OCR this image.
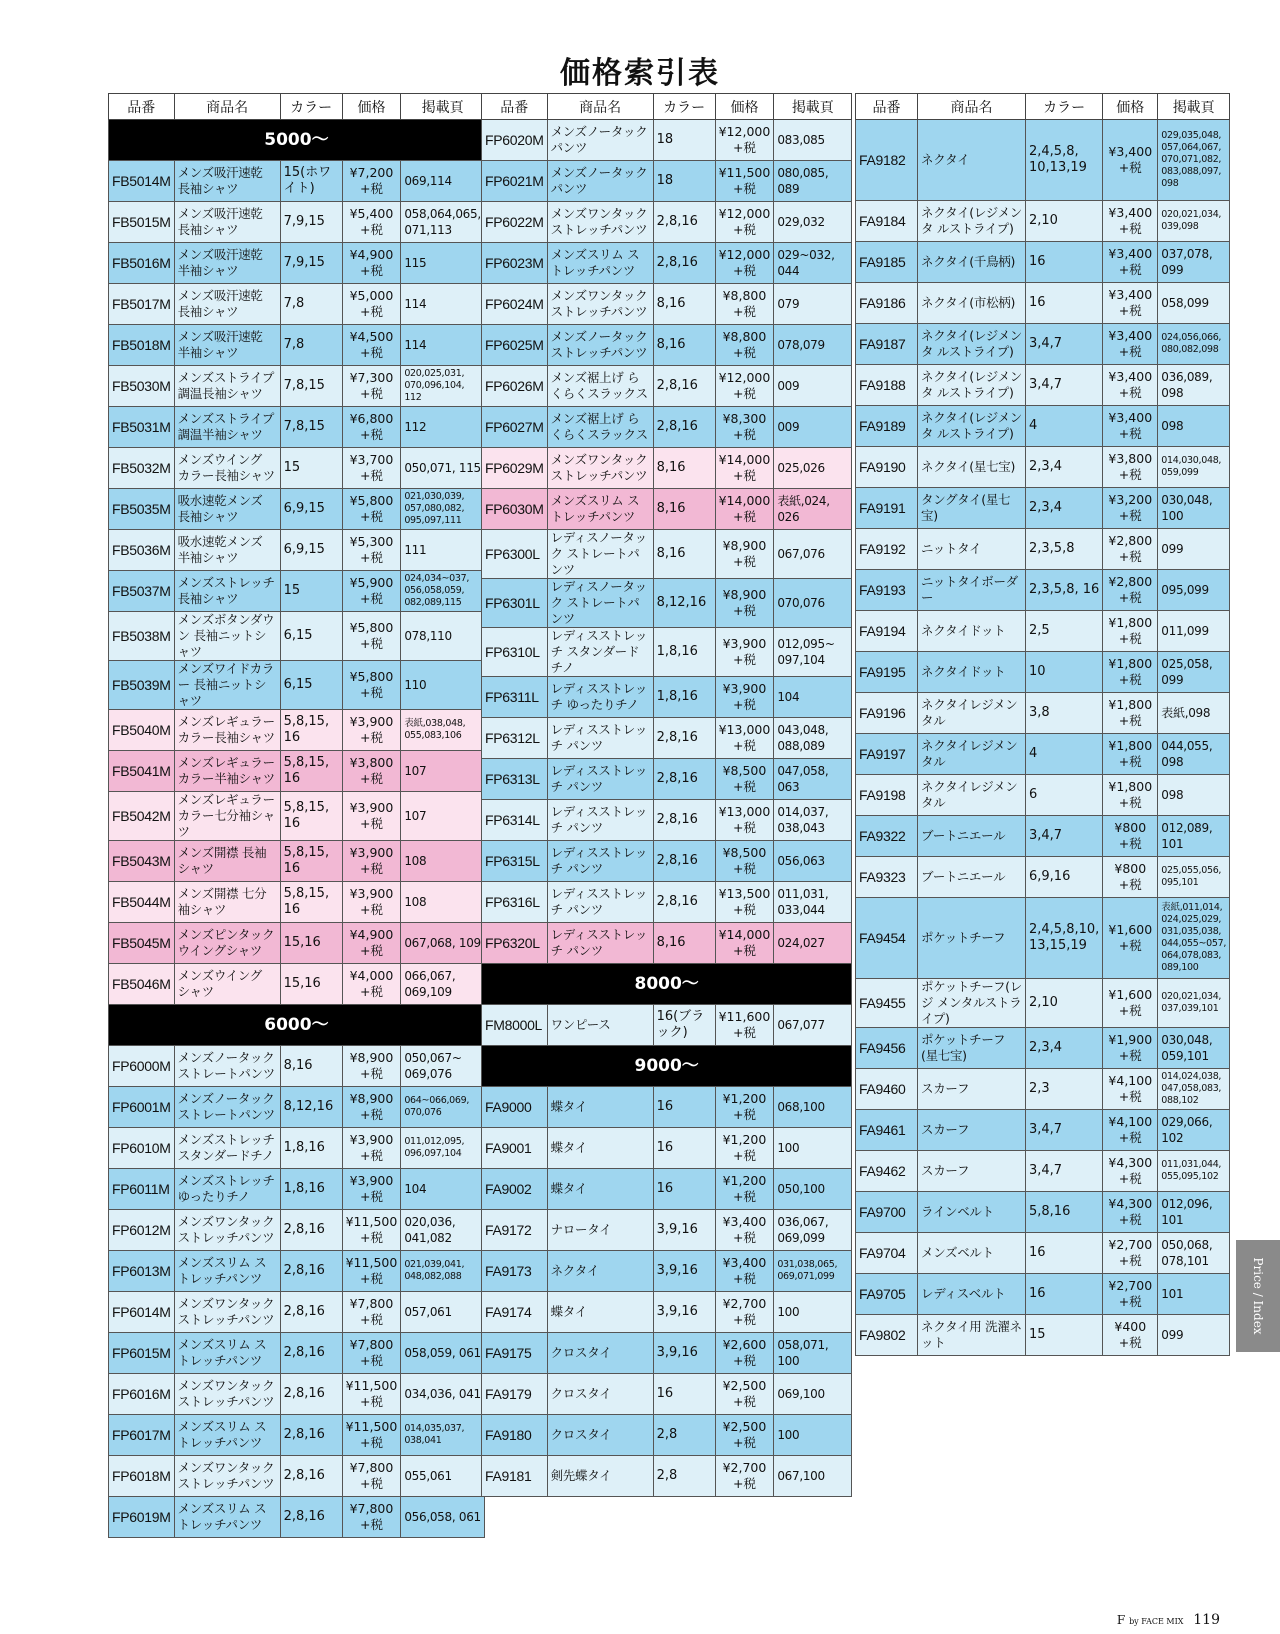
価格索引表
品番	商品名	カラー	価格	掲載頁
5000〜				
FB5014M	メンズ吸汗速乾 長袖シャツ	15(ホワイト)	¥7,200 +税	069,114
FB5015M	メンズ吸汗速乾 長袖シャツ	7,9,15	¥5,400 +税	058,064,065, 071,113
FB5016M	メンズ吸汗速乾 半袖シャツ	7,9,15	¥4,900 +税	115
FB5017M	メンズ吸汗速乾 長袖シャツ	7,8	¥5,000 +税	114
FB5018M	メンズ吸汗速乾 半袖シャツ	7,8	¥4,500 +税	114
FB5030M	メンズストライプ 調温長袖シャツ	7,8,15	¥7,300 +税	020,025,031, 070,096,104, 112
FB5031M	メンズストライプ 調温半袖シャツ	7,8,15	¥6,800 +税	112
FB5032M	メンズウイング カラー長袖シャツ	15	¥3,700 +税	050,071, 115
FB5035M	吸水速乾メンズ 長袖シャツ	6,9,15	¥5,800 +税	021,030,039, 057,080,082, 095,097,111
FB5036M	吸水速乾メンズ 半袖シャツ	6,9,15	¥5,300 +税	111
FB5037M	メンズストレッチ 長袖シャツ	15	¥5,900 +税	024,034~037, 056,058,059, 082,089,115
FB5038M	メンズボタンダウン 長袖ニットシャツ	6,15	¥5,800 +税	078,110
FB5039M	メンズワイドカラー 長袖ニットシャツ	6,15	¥5,800 +税	110
FB5040M	メンズレギュラー カラー長袖シャツ	5,8,15, 16	¥3,900 +税	表紙,038,048, 055,083,106
FB5041M	メンズレギュラー カラー半袖シャツ	5,8,15, 16	¥3,800 +税	107
FB5042M	メンズレギュラー カラー七分袖シャツ	5,8,15, 16	¥3,900 +税	107
FB5043M	メンズ開襟 長袖シャツ	5,8,15, 16	¥3,900 +税	108
FB5044M	メンズ開襟 七分袖シャツ	5,8,15, 16	¥3,900 +税	108
FB5045M	メンズピンタック ウイングシャツ	15,16	¥4,900 +税	067,068, 109
FB5046M	メンズウイング シャツ	15,16	¥4,000 +税	066,067, 069,109
6000〜				
FP6000M	メンズノータック ストレートパンツ	8,16	¥8,900 +税	050,067~ 069,076
FP6001M	メンズノータック ストレートパンツ	8,12,16	¥8,900 +税	064~066,069, 070,076
FP6010M	メンズストレッチ スタンダードチノ	1,8,16	¥3,900 +税	011,012,095, 096,097,104
FP6011M	メンズストレッチ ゆったりチノ	1,8,16	¥3,900 +税	104
FP6012M	メンズワンタック ストレッチパンツ	2,8,16	¥11,500 +税	020,036, 041,082
FP6013M	メンズスリム ストレッチパンツ	2,8,16	¥11,500 +税	021,039,041, 048,082,088
FP6014M	メンズワンタック ストレッチパンツ	2,8,16	¥7,800 +税	057,061
FP6015M	メンズスリム ストレッチパンツ	2,8,16	¥7,800 +税	058,059, 061
FP6016M	メンズワンタック ストレッチパンツ	2,8,16	¥11,500 +税	034,036, 041
FP6017M	メンズスリム ストレッチパンツ	2,8,16	¥11,500 +税	014,035,037, 038,041
FP6018M	メンズワンタック ストレッチパンツ	2,8,16	¥7,800 +税	055,061
FP6019M	メンズスリム ストレッチパンツ	2,8,16	¥7,800 +税	056,058, 061
品番	商品名	カラー	価格	掲載頁
FP6020M	メンズノータック パンツ	18	¥12,000 +税	083,085
FP6021M	メンズノータック パンツ	18	¥11,500 +税	080,085, 089
FP6022M	メンズワンタック ストレッチパンツ	2,8,16	¥12,000 +税	029,032
FP6023M	メンズスリム ストレッチパンツ	2,8,16	¥12,000 +税	029~032, 044
FP6024M	メンズワンタック ストレッチパンツ	8,16	¥8,800 +税	079
FP6025M	メンズノータック ストレッチパンツ	8,16	¥8,800 +税	078,079
FP6026M	メンズ裾上げ らくらくスラックス	2,8,16	¥12,000 +税	009
FP6027M	メンズ裾上げ らくらくスラックス	2,8,16	¥8,300 +税	009
FP6029M	メンズワンタック ストレッチパンツ	8,16	¥14,000 +税	025,026
FP6030M	メンズスリム ストレッチパンツ	8,16	¥14,000 +税	表紙,024, 026
FP6300L	レディスノータック ストレートパンツ	8,16	¥8,900 +税	067,076
FP6301L	レディスノータック ストレートパンツ	8,12,16	¥8,900 +税	070,076
FP6310L	レディスストレッチ スタンダードチノ	1,8,16	¥3,900 +税	012,095~ 097,104
FP6311L	レディスストレッチ ゆったりチノ	1,8,16	¥3,900 +税	104
FP6312L	レディスストレッチ パンツ	2,8,16	¥13,000 +税	043,048, 088,089
FP6313L	レディスストレッチ パンツ	2,8,16	¥8,500 +税	047,058, 063
FP6314L	レディスストレッチ パンツ	2,8,16	¥13,000 +税	014,037, 038,043
FP6315L	レディスストレッチ パンツ	2,8,16	¥8,500 +税	056,063
FP6316L	レディスストレッチ パンツ	2,8,16	¥13,500 +税	011,031, 033,044
FP6320L	レディスストレッチ パンツ	8,16	¥14,000 +税	024,027
8000〜				
FM8000L	ワンピース	16(ブラック)	¥11,600 +税	067,077
9000〜				
FA9000	蝶タイ	16	¥1,200 +税	068,100
FA9001	蝶タイ	16	¥1,200 +税	100
FA9002	蝶タイ	16	¥1,200 +税	050,100
FA9172	ナロータイ	3,9,16	¥3,400 +税	036,067, 069,099
FA9173	ネクタイ	3,9,16	¥3,400 +税	031,038,065, 069,071,099
FA9174	蝶タイ	3,9,16	¥2,700 +税	100
FA9175	クロスタイ	3,9,16	¥2,600 +税	058,071, 100
FA9179	クロスタイ	16	¥2,500 +税	069,100
FA9180	クロスタイ	2,8	¥2,500 +税	100
FA9181	剣先蝶タイ	2,8	¥2,700 +税	067,100
品番	商品名	カラー	価格	掲載頁
FA9182	ネクタイ	2,4,5,8, 10,13,19	¥3,400 +税	029,035,048, 057,064,067, 070,071,082, 083,088,097, 098
FA9184	ネクタイ(レジメンタ ルストライプ)	2,10	¥3,400 +税	020,021,034, 039,098
FA9185	ネクタイ(千鳥柄)	16	¥3,400 +税	037,078, 099
FA9186	ネクタイ(市松柄)	16	¥3,400 +税	058,099
FA9187	ネクタイ(レジメンタ ルストライプ)	3,4,7	¥3,400 +税	024,056,066, 080,082,098
FA9188	ネクタイ(レジメンタ ルストライプ)	3,4,7	¥3,400 +税	036,089, 098
FA9189	ネクタイ(レジメンタ ルストライプ)	4	¥3,400 +税	098
FA9190	ネクタイ(星七宝)	2,3,4	¥3,800 +税	014,030,048, 059,099
FA9191	タングタイ(星七宝)	2,3,4	¥3,200 +税	030,048, 100
FA9192	ニットタイ	2,3,5,8	¥2,800 +税	099
FA9193	ニットタイボーダー	2,3,5,8, 16	¥2,800 +税	095,099
FA9194	ネクタイドット	2,5	¥1,800 +税	011,099
FA9195	ネクタイドット	10	¥1,800 +税	025,058, 099
FA9196	ネクタイレジメンタル	3,8	¥1,800 +税	表紙,098
FA9197	ネクタイレジメンタル	4	¥1,800 +税	044,055, 098
FA9198	ネクタイレジメンタル	6	¥1,800 +税	098
FA9322	ブートニエール	3,4,7	¥800 +税	012,089, 101
FA9323	ブートニエール	6,9,16	¥800 +税	025,055,056, 095,101
FA9454	ポケットチーフ	2,4,5,8,10, 13,15,19	¥1,600 +税	表紙,011,014, 024,025,029, 031,035,038, 044,055~057, 064,078,083, 089,100
FA9455	ポケットチーフ(レジ メンタルストライプ)	2,10	¥1,600 +税	020,021,034, 037,039,101
FA9456	ポケットチーフ (星七宝)	2,3,4	¥1,900 +税	030,048, 059,101
FA9460	スカーフ	2,3	¥4,100 +税	014,024,038, 047,058,083, 088,102
FA9461	スカーフ	3,4,7	¥4,100 +税	029,066, 102
FA9462	スカーフ	3,4,7	¥4,300 +税	011,031,044, 055,095,102
FA9700	ラインベルト	5,8,16	¥4,300 +税	012,096, 101
FA9704	メンズベルト	16	¥2,700 +税	050,068, 078,101
FA9705	レディスベルト	16	¥2,700 +税	101
FA9802	ネクタイ用 洗濯ネット	15	¥400 +税	099
Price / Index
F by FACE MIX 119
